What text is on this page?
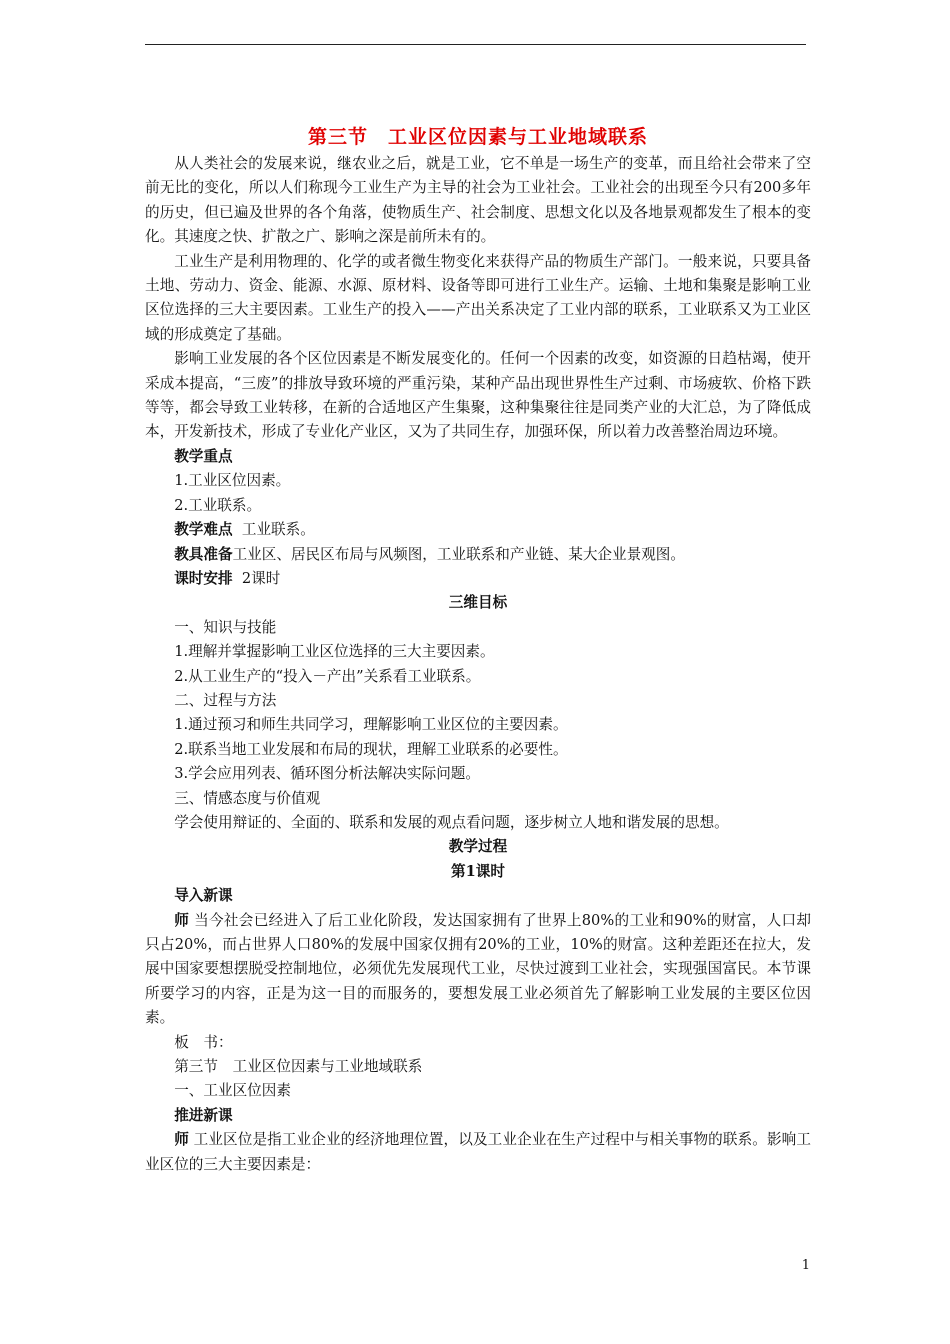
第三节　工业区位因素与工业地域联系

从人类社会的发展来说，继农业之后，就是工业，它不单是一场生产的变革，而且给社会带来了空前无比的变化，所以人们称现今工业生产为主导的社会为工业社会。工业社会的出现至今只有200多年的历史，但已遍及世界的各个角落，使物质生产、社会制度、思想文化以及各地景观都发生了根本的变化。其速度之快、扩散之广、影响之深是前所未有的。

工业生产是利用物理的、化学的或者微生物变化来获得产品的物质生产部门。一般来说，只要具备土地、劳动力、资金、能源、水源、原材料、设备等即可进行工业生产。运输、土地和集聚是影响工业区位选择的三大主要因素。工业生产的投入——产出关系决定了工业内部的联系，工业联系又为工业区域的形成奠定了基础。

影响工业发展的各个区位因素是不断发展变化的。任何一个因素的改变，如资源的日趋枯竭，使开采成本提高，“三废”的排放导致环境的严重污染，某种产品出现世界性生产过剩、市场疲软、价格下跌等等，都会导致工业转移，在新的合适地区产生集聚，这种集聚往往是同类产业的大汇总，为了降低成本，开发新技术，形成了专业化产业区，又为了共同生存，加强环保，所以着力改善整治周边环境。

教学重点

1.工业区位因素。

2.工业联系。

教学难点 工业联系。

教具准备工业区、居民区布局与风频图，工业联系和产业链、某大企业景观图。

课时安排 2课时

三维目标

一、知识与技能

1.理解并掌握影响工业区位选择的三大主要因素。

2.从工业生产的“投入－产出”关系看工业联系。

二、过程与方法

1.通过预习和师生共同学习，理解影响工业区位的主要因素。

2.联系当地工业发展和布局的现状，理解工业联系的必要性。

3.学会应用列表、循环图分析法解决实际问题。

三、情感态度与价值观

学会使用辩证的、全面的、联系和发展的观点看问题，逐步树立人地和谐发展的思想。

教学过程

第1课时

导入新课

师 当今社会已经进入了后工业化阶段，发达国家拥有了世界上80%的工业和90%的财富，人口却只占20%，而占世界人口80%的发展中国家仅拥有20%的工业，10%的财富。这种差距还在拉大，发展中国家要想摆脱受控制地位，必须优先发展现代工业，尽快过渡到工业社会，实现强国富民。本节课所要学习的内容，正是为这一目的而服务的，要想发展工业必须首先了解影响工业发展的主要区位因素。

板　书：

第三节　工业区位因素与工业地域联系

一、工业区位因素

推进新课

师 工业区位是指工业企业的经济地理位置，以及工业企业在生产过程中与相关事物的联系。影响工业区位的三大主要因素是：

1
